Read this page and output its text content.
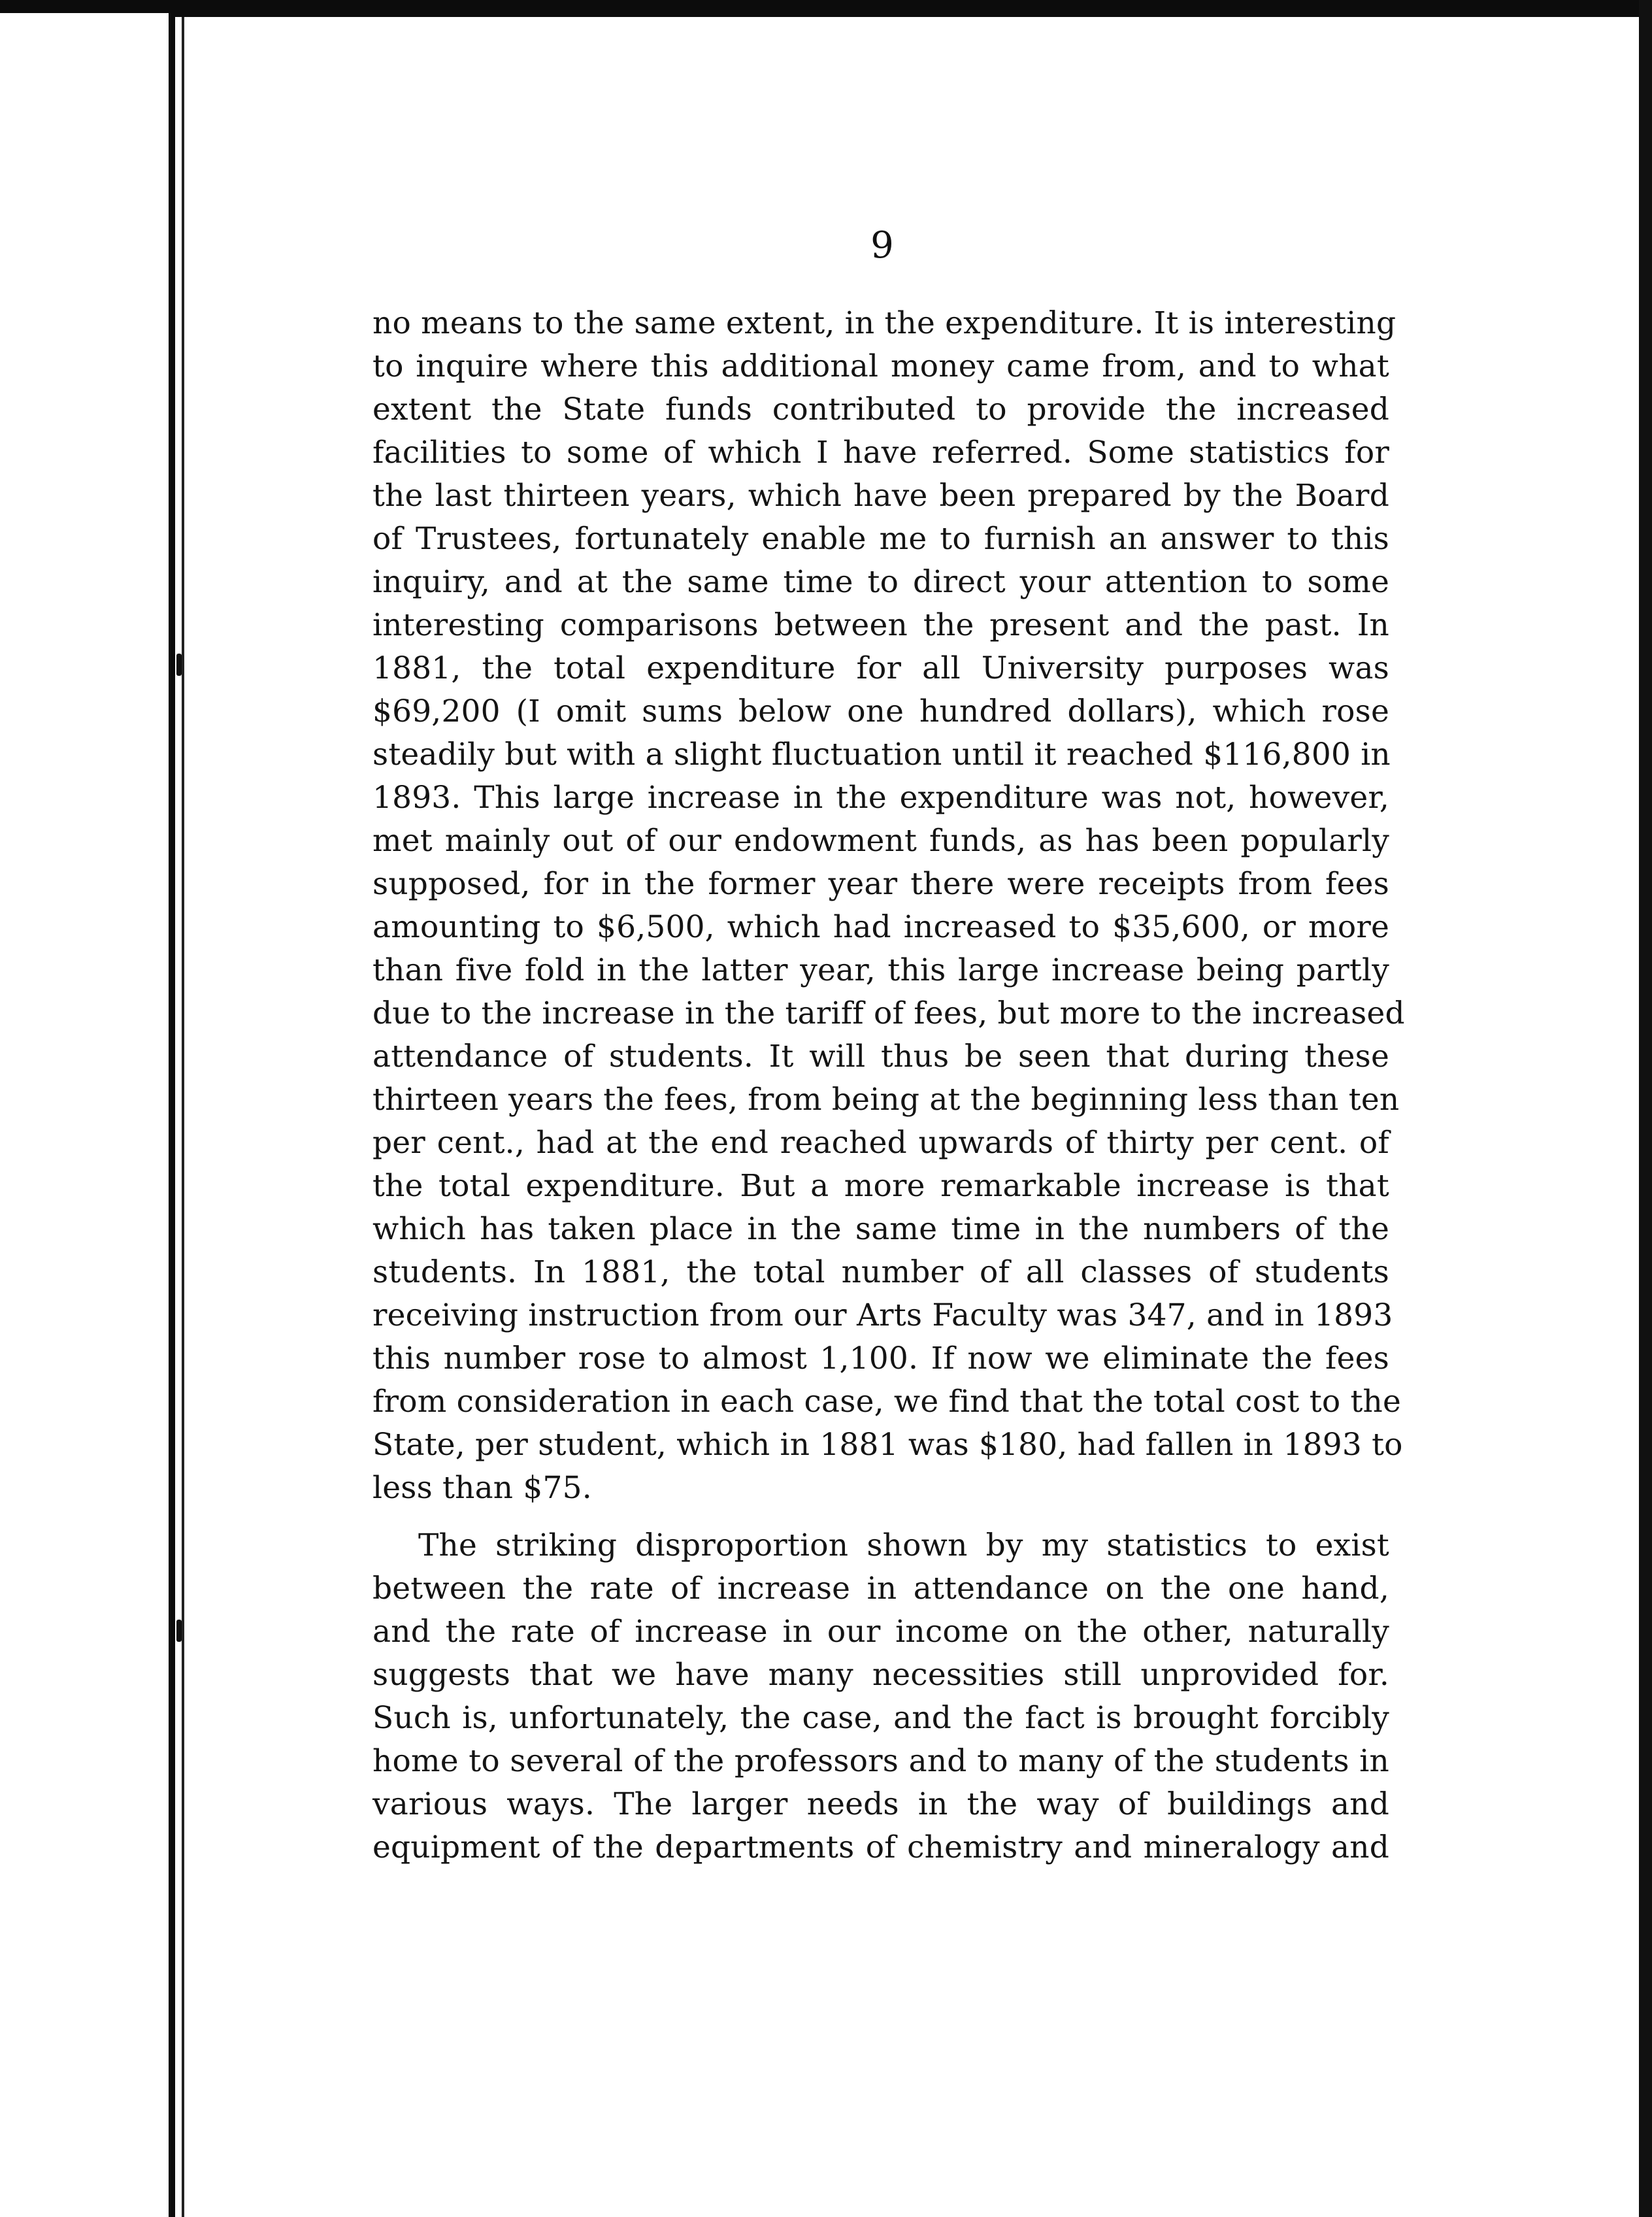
9
no means to the same extent, in the expenditure. It is interesting
to inquire where this additional money came from, and to what
extent the State funds contributed to provide the increased
facilities to some of which I have referred. Some statistics for
the last thirteen years, which have been prepared by the Board
of Trustees, fortunately enable me to furnish an answer to this
inquiry, and at the same time to direct your attention to some
interesting comparisons between the present and the past. In
1881, the total expenditure for all University purposes was
$69,200 (I omit sums below one hundred dollars), which rose
steadily but with a slight fluctuation until it reached $116,800 in
1893. This large increase in the expenditure was not, however,
met mainly out of our endowment funds, as has been popularly
supposed, for in the former year there were receipts from fees
amounting to $6,500, which had increased to $35,600, or more
than five fold in the latter year, this large increase being partly
due to the increase in the tariff of fees, but more to the increased
attendance of students. It will thus be seen that during these
thirteen years the fees, from being at the beginning less than ten
per cent., had at the end reached upwards of thirty per cent. of
the total expenditure. But a more remarkable increase is that
which has taken place in the same time in the numbers of the
students. In 1881, the total number of all classes of students
receiving instruction from our Arts Faculty was 347, and in 1893
this number rose to almost 1,100. If now we eliminate the fees
from consideration in each case, we find that the total cost to the
State, per student, which in 1881 was $180, had fallen in 1893 to
less than $75.
The striking disproportion shown by my statistics to exist
between the rate of increase in attendance on the one hand,
and the rate of increase in our income on the other, naturally
suggests that we have many necessities still unprovided for.
Such is, unfortunately, the case, and the fact is brought forcibly
home to several of the professors and to many of the students in
various ways. The larger needs in the way of buildings and
equipment of the departments of chemistry and mineralogy and
